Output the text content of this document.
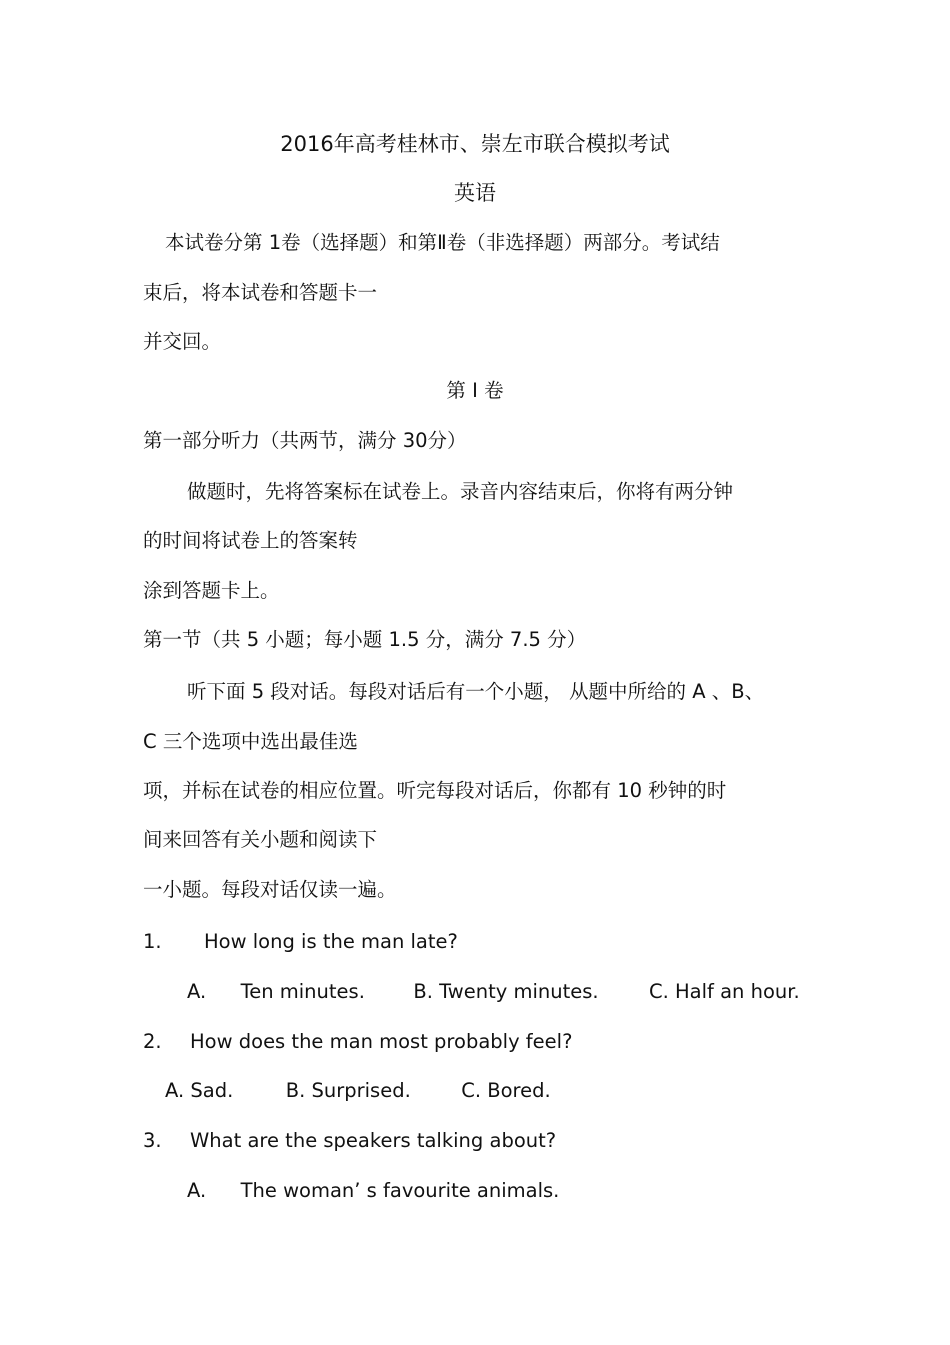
2016年高考桂林市、崇左市联合模拟考试

英语

本试卷分第 1卷（选择题）和第Ⅱ卷（非选择题）两部分。考试结

束后，将本试卷和答题卡一

并交回。

第 Ⅰ 卷

第一部分听力（共两节，满分 30分）

做题时，先将答案标在试卷上。录音内容结束后，你将有两分钟

的时间将试卷上的答案转

涂到答题卡上。

第一节（共 5 小题；每小题 1.5 分，满分 7.5 分）

听下面 5 段对话。每段对话后有一个小题， 从题中所给的 A 、B、

C 三个选项中选出最佳选

项，并标在试卷的相应位置。听完每段对话后，你都有 10 秒钟的时

间来回答有关小题和阅读下

一小题。每段对话仅读一遍。

1. How long is the man late?

A. Ten minutes. B. Twenty minutes.	C. Half an hour.

2. How does the man most probably feel?

A. Sad.	B. Surprised.	C. Bored.

3. What are the speakers talking about?

A. The woman’ s favourite animals.
